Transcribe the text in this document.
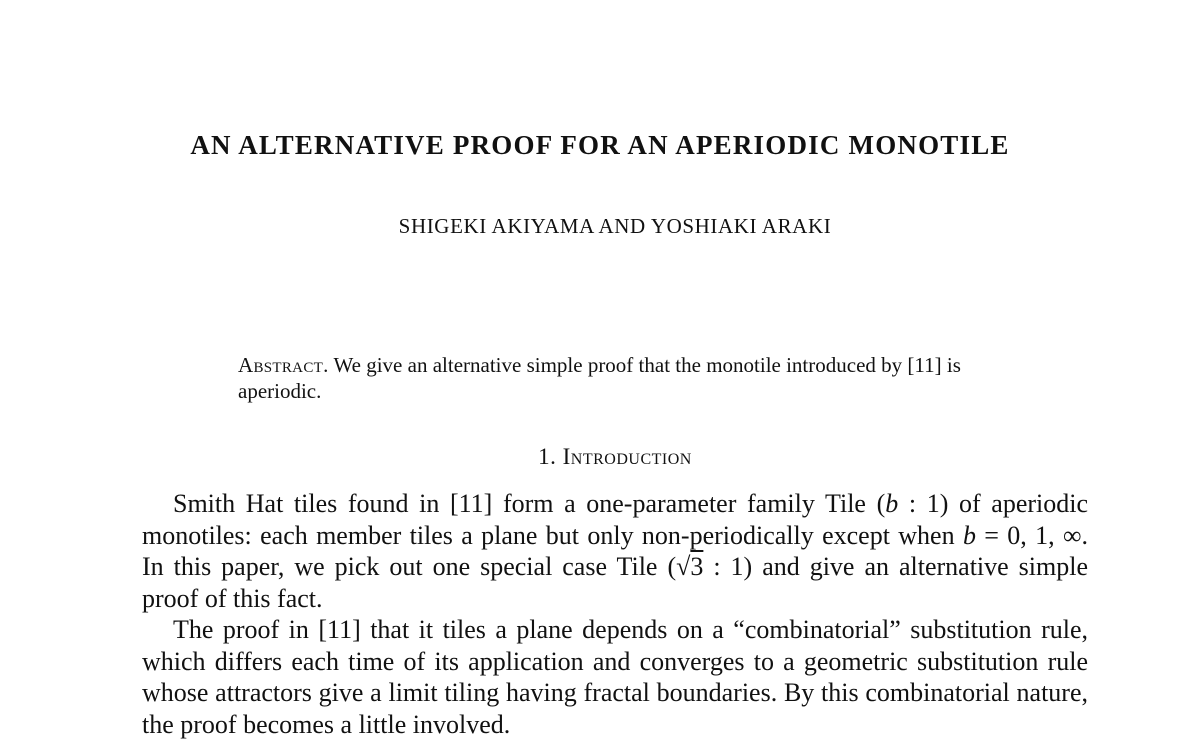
AN ALTERNATIVE PROOF FOR AN APERIODIC MONOTILE
SHIGEKI AKIYAMA AND YOSHIAKI ARAKI
Abstract. We give an alternative simple proof that the monotile introduced by [11] is aperiodic.
1. Introduction

Smith Hat tiles found in [11] form a one-parameter family Tile (b : 1) of aperiodic monotiles: each member tiles a plane but only non-periodically except when b = 0, 1, ∞. In this paper, we pick out one special case Tile (√3 : 1) and give an alternative simple proof of this fact.

The proof in [11] that it tiles a plane depends on a “combinatorial” substitution rule, which differs each time of its application and converges to a geometric substitution rule whose attractors give a limit tiling having fractal boundaries. By this combinatorial nature, the proof becomes a little involved.
